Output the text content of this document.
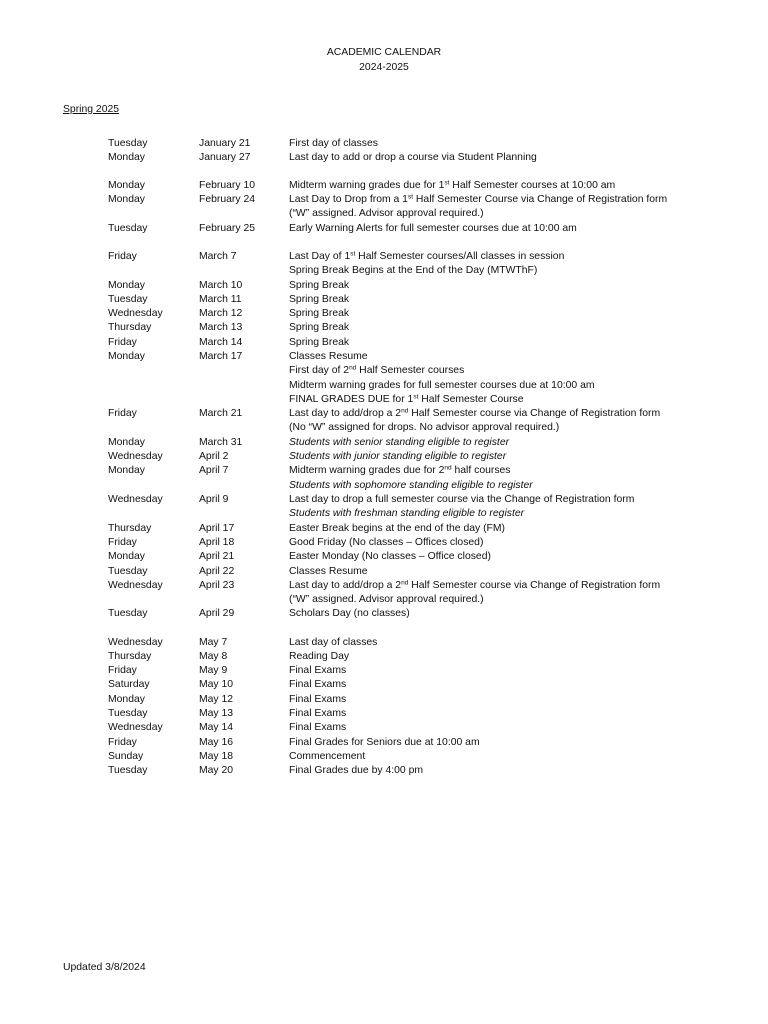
ACADEMIC CALENDAR
2024-2025
Spring 2025
Tuesday	January 21	First day of classes
Monday	January 27	Last day to add or drop a course via Student Planning
Monday	February 10	Midterm warning grades due for 1st Half Semester courses at 10:00 am
Monday	February 24	Last Day to Drop from a 1st Half Semester Course via Change of Registration form
(“W” assigned. Advisor approval required.)
Tuesday	February 25	Early Warning Alerts for full semester courses due at 10:00 am
Friday	March 7	Last Day of 1st Half Semester courses/All classes in session
Spring Break Begins at the End of the Day (MTWThF)
Monday	March 10	Spring Break
Tuesday	March 11	Spring Break
Wednesday	March 12	Spring Break
Thursday	March 13	Spring Break
Friday	March 14	Spring Break
Monday	March 17	Classes Resume
First day of 2nd Half Semester courses
Midterm warning grades for full semester courses due at 10:00 am
FINAL GRADES DUE for 1st Half Semester Course
Friday	March 21	Last day to add/drop a 2nd Half Semester course via Change of Registration form
(No “W” assigned for drops. No advisor approval required.)
Monday	March 31	Students with senior standing eligible to register
Wednesday	April 2	Students with junior standing eligible to register
Monday	April 7	Midterm warning grades due for 2nd half courses
Students with sophomore standing eligible to register
Wednesday	April 9	Last day to drop a full semester course via the Change of Registration form
Students with freshman standing eligible to register
Thursday	April 17	Easter Break begins at the end of the day (FM)
Friday	April 18	Good Friday (No classes – Offices closed)
Monday	April 21	Easter Monday (No classes – Office closed)
Tuesday	April 22	Classes Resume
Wednesday	April 23	Last day to add/drop a 2nd Half Semester course via Change of Registration form
(“W” assigned. Advisor approval required.)
Tuesday	April 29	Scholars Day (no classes)
Wednesday	May 7	Last day of classes
Thursday	May 8	Reading Day
Friday	May 9	Final Exams
Saturday	May 10	Final Exams
Monday	May 12	Final Exams
Tuesday	May 13	Final Exams
Wednesday	May 14	Final Exams
Friday	May 16	Final Grades for Seniors due at 10:00 am
Sunday	May 18	Commencement
Tuesday	May 20	Final Grades due by 4:00 pm
Updated 3/8/2024
